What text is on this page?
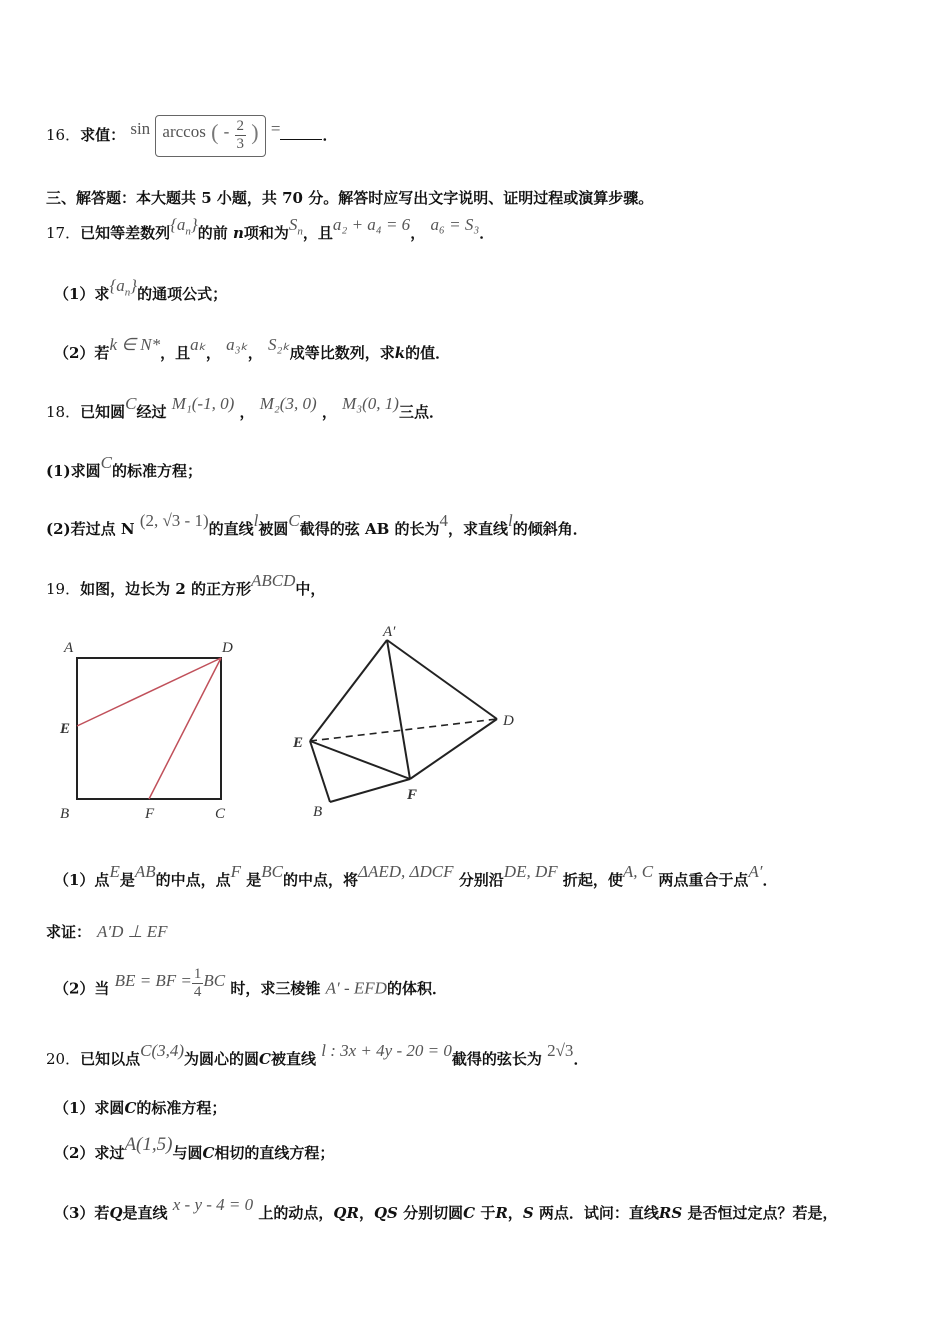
16．求值： sin arccos ( - $\frac{2}{3}$ ) =	．
三、解答题：本大题共 5 小题，共 70 分。解答时应写出文字说明、证明过程或演算步骤。
17．已知等差数列$\{a_n\}$的前 n项和为$S_n$，且a₂ + a₄ = 6， a₆ = S₃．
（1）求$\{a_n\}$的通项公式；
（2）若k ∈ N*，且aₖ， a₃ₖ， S₂ₖ成等比数列，求k的值．
18．已知圆C经过 M₁(-1, 0) ， M₂(3, 0) ， M₃(0, 1)三点．
(1)求圆C的标准方程；
(2)若过点 N (2, √3 - 1)的直线l被圆C截得的弦 AB 的长为4，求直线l的倾斜角．
19．如图，边长为 2 的正方形ABCD中，
A	D
E
B	F	C
A′
D
E
F
B
（1）点E是AB的中点，点F 是BC的中点，将ΔAED, ΔDCF 分别沿DE, DF 折起，使A, C 两点重合于点A′．
求证： A′D ⊥ EF
（2）当 BE = BF = $\frac{1}{4}$ BC 时，求三棱锥 A′ - EFD的体积．
20．已知以点C(3,4)为圆心的圆C被直线 l : 3x + 4y - 20 = 0截得的弦长为 2√3．
（1）求圆C的标准方程；
（2）求过A(1,5)与圆C相切的直线方程；
（3）若Q是直线 x - y - 4 = 0 上的动点，QR，QS 分别切圆C 于R，S 两点．试问：直线RS 是否恒过定点？若是，
